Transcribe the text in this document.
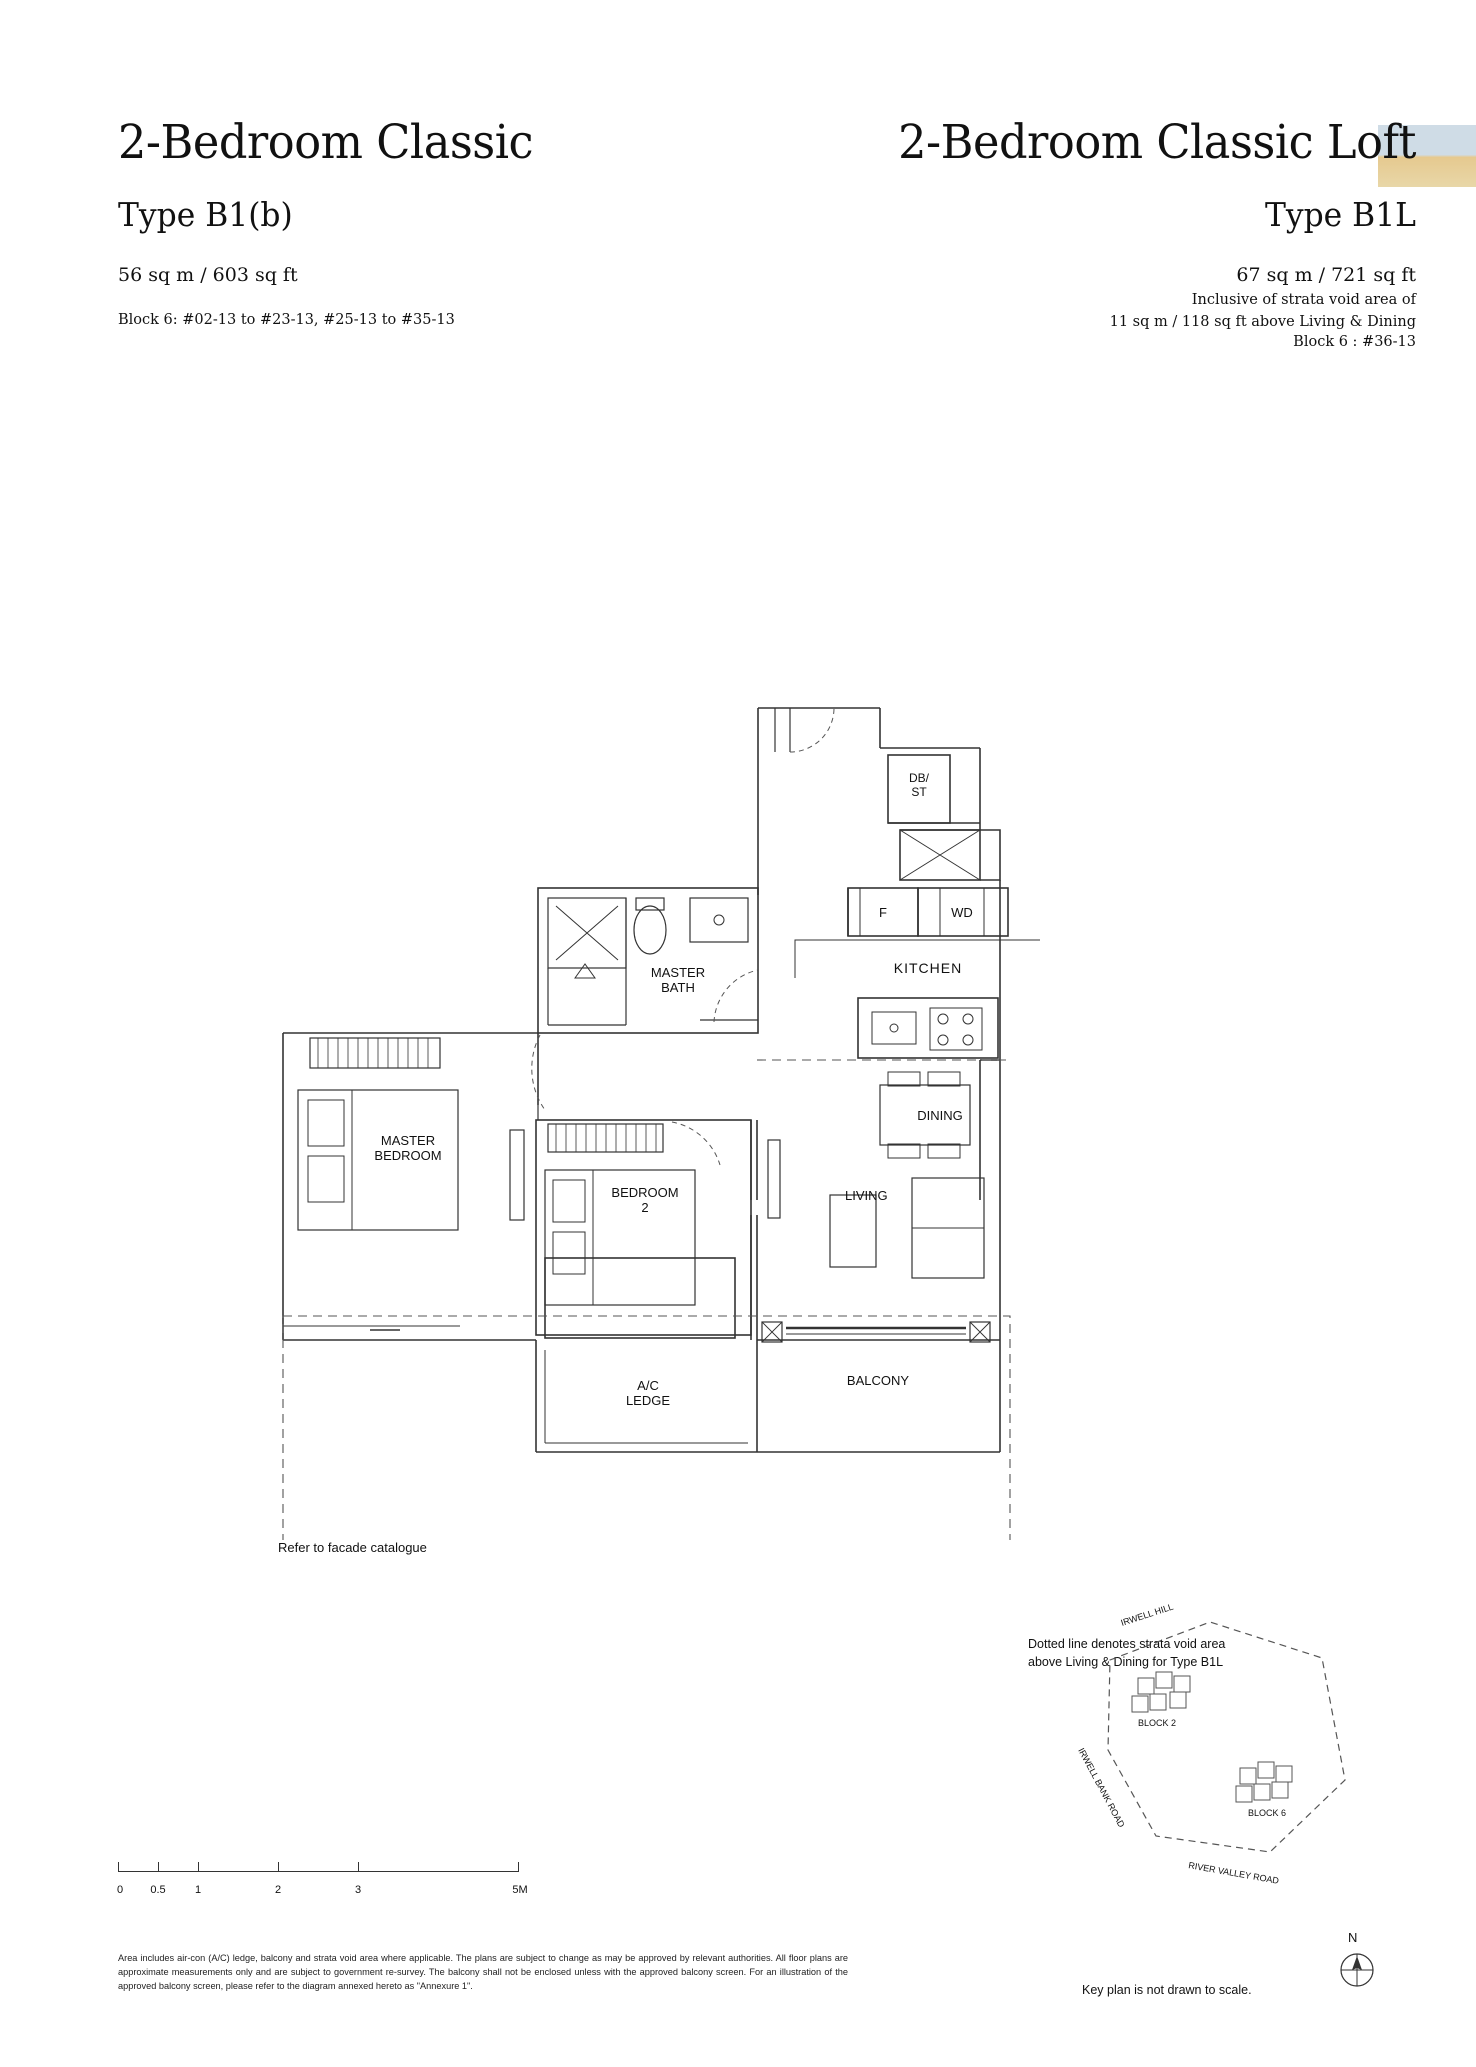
2-Bedroom Classic
Type B1(b)
56 sq m / 603 sq ft
Block 6: #02-13 to #23-13, #25-13 to #35-13
2-Bedroom Classic Loft
Type B1L
67 sq m / 721 sq ft
Inclusive of strata void area of
11 sq m / 118 sq ft above Living & Dining
Block 6 : #36-13
DB/
ST
F	WD
KITCHEN
MASTER
BATH
MASTER
BEDROOM
BEDROOM
2
DINING
LIVING
BALCONY
A/C
LEDGE
Dotted line denotes strata void area
above Living & Dining for Type B1L
Refer to facade catalogue
0 0.5	1	2	3	5M
Area includes air-con (A/C) ledge, balcony and strata void area where applicable. The plans are subject to change as may be approved by relevant authorities. All floor plans are approximate measurements only and are subject to government re-survey. The balcony shall not be enclosed unless with the approved balcony screen. For an illustration of the approved balcony screen, please refer to the diagram annexed hereto as "Annexure 1".
BLOCK 2
BLOCK 6
IRWELL HILL
IRWELL BANK ROAD
RIVER VALLEY ROAD
Key plan is not drawn to scale.
N
